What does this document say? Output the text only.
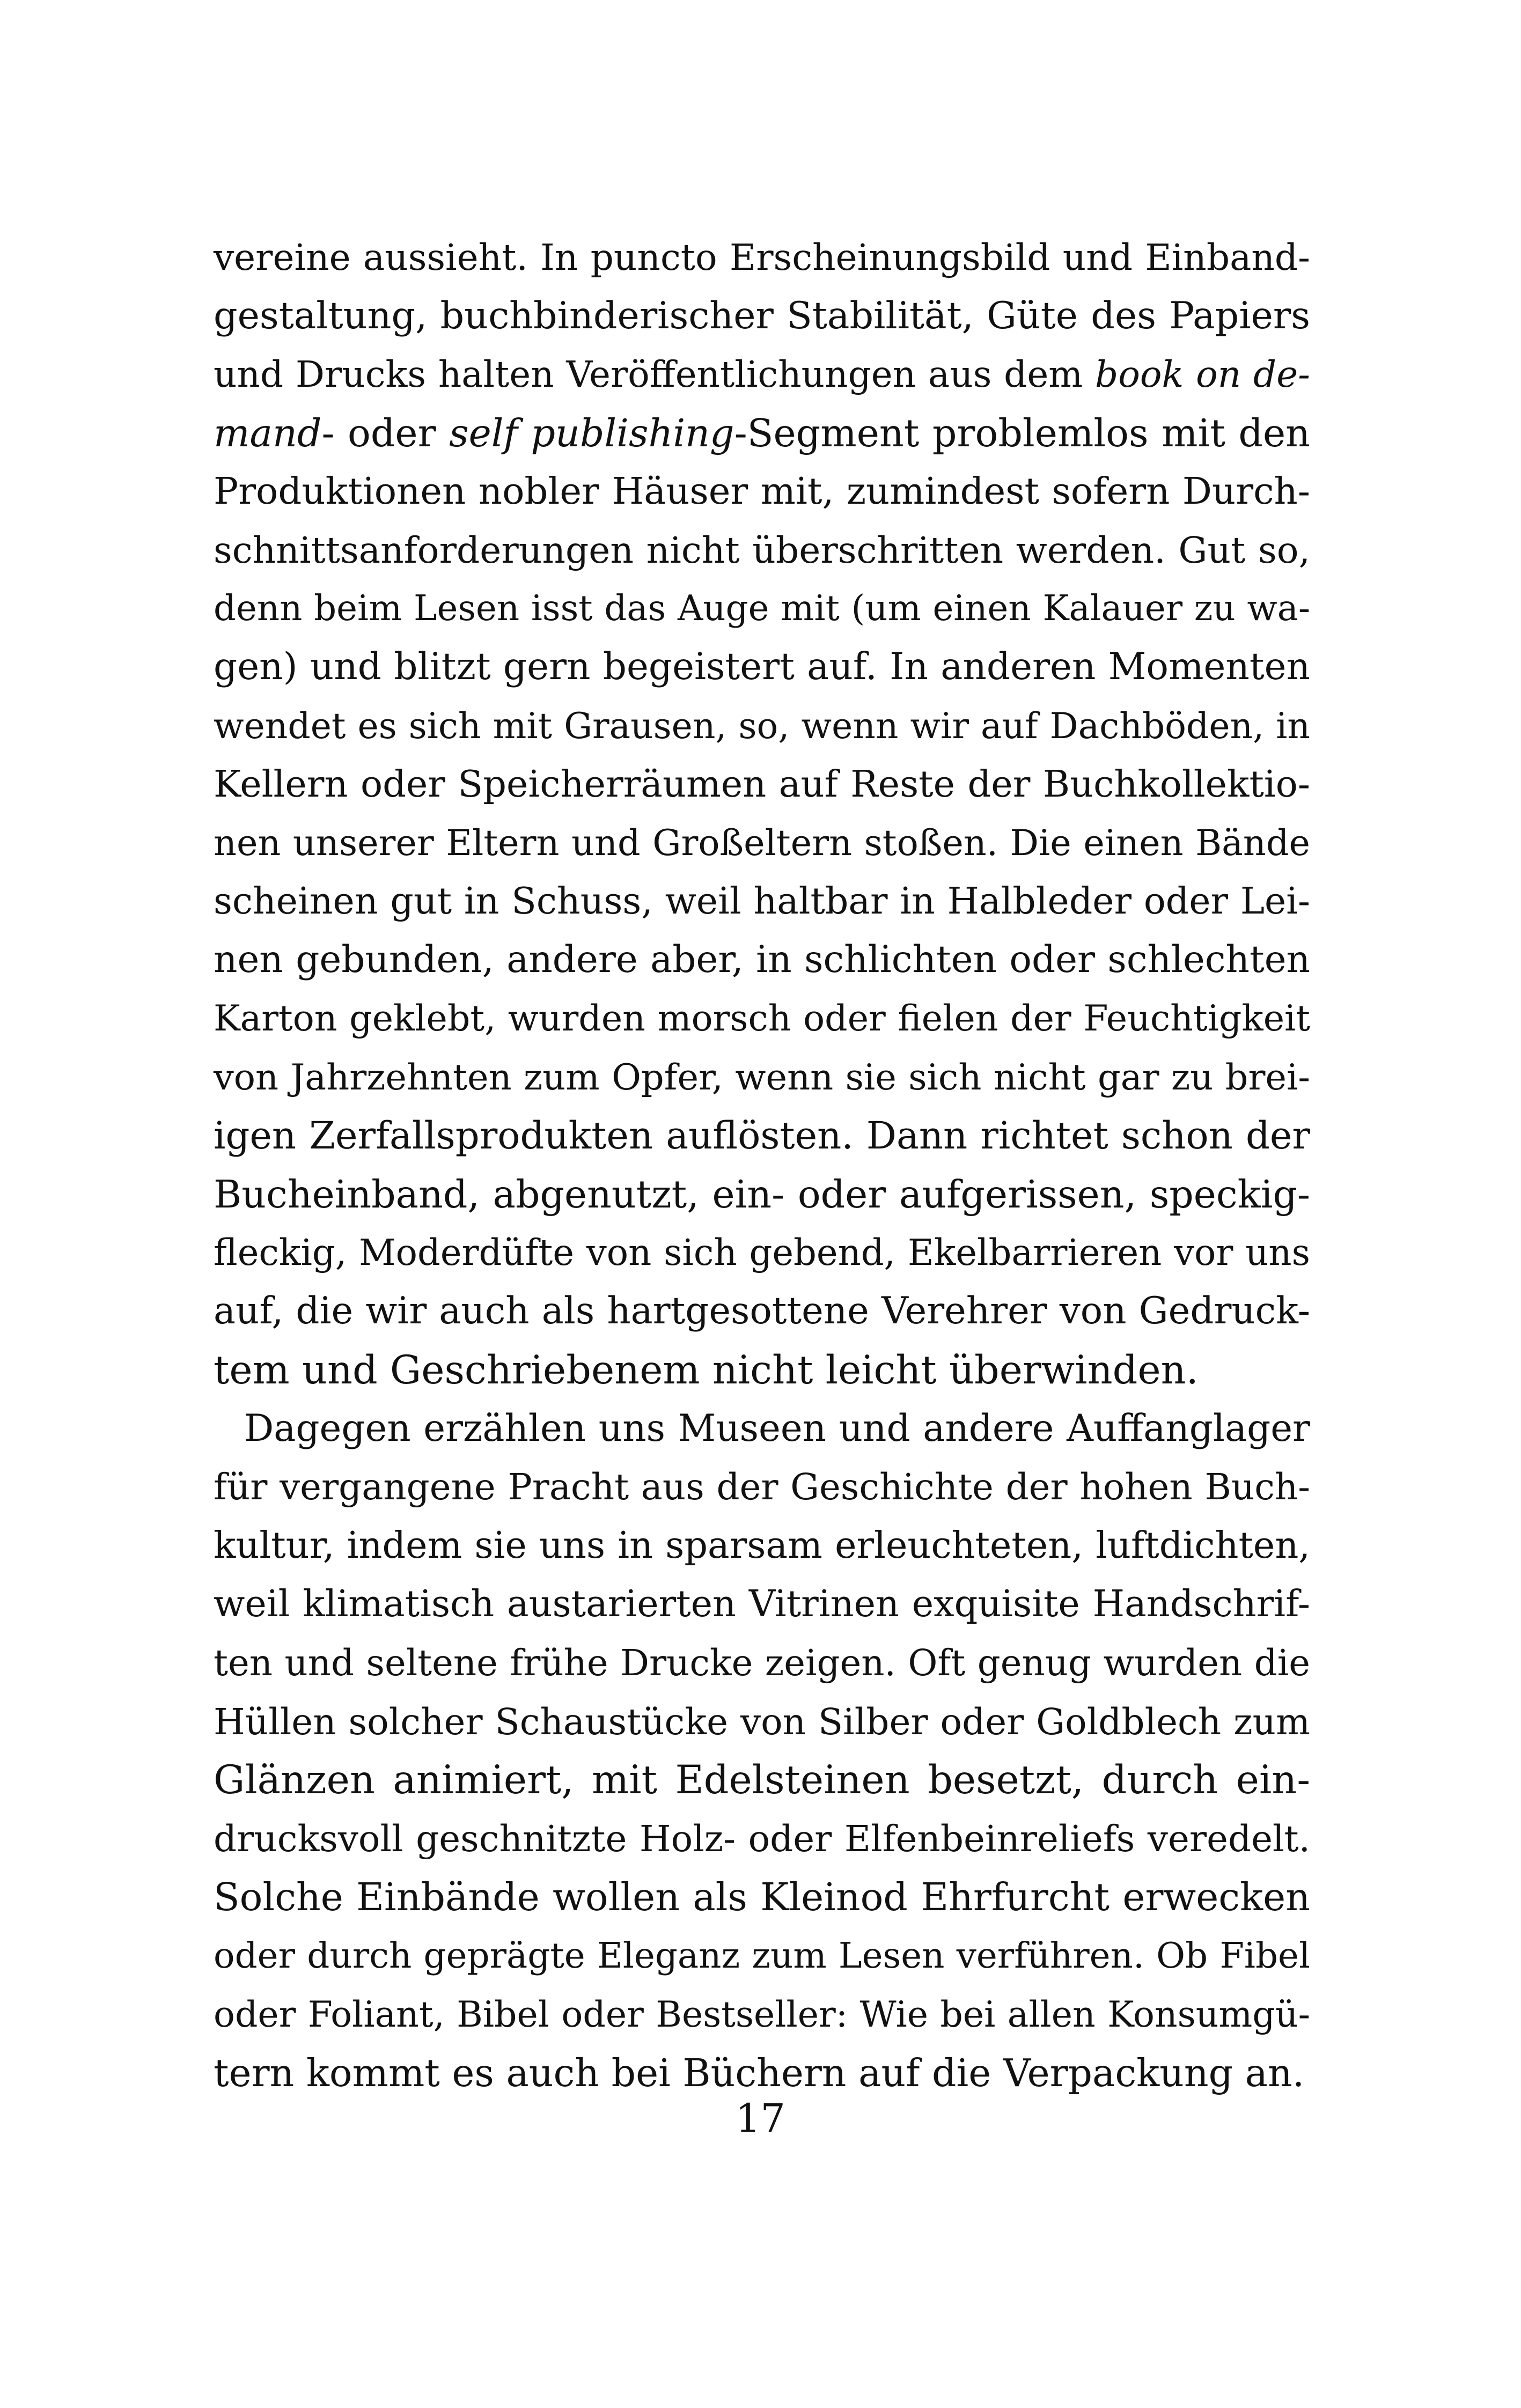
vereine aussieht. In puncto Erscheinungsbild und Einband-
gestaltung, buchbinderischer Stabilität, Güte des Papiers
und Drucks halten Veröffentlichungen aus dem book on de-
mand- oder self publishing-Segment problemlos mit den
Produktionen nobler Häuser mit, zumindest sofern Durch-
schnittsanforderungen nicht überschritten werden. Gut so,
denn beim Lesen isst das Auge mit (um einen Kalauer zu wa-
gen) und blitzt gern begeistert auf. In anderen Momenten
wendet es sich mit Grausen, so, wenn wir auf Dachböden, in
Kellern oder Speicherräumen auf Reste der Buchkollektio-
nen unserer Eltern und Großeltern stoßen. Die einen Bände
scheinen gut in Schuss, weil haltbar in Halbleder oder Lei-
nen gebunden, andere aber, in schlichten oder schlechten
Karton geklebt, wurden morsch oder fielen der Feuchtigkeit
von Jahrzehnten zum Opfer, wenn sie sich nicht gar zu brei-
igen Zerfallsprodukten auflösten. Dann richtet schon der
Bucheinband, abgenutzt, ein- oder aufgerissen, speckig-
fleckig, Moderdüfte von sich gebend, Ekelbarrieren vor uns
auf, die wir auch als hartgesottene Verehrer von Gedruck-
tem und Geschriebenem nicht leicht überwinden.
Dagegen erzählen uns Museen und andere Auffanglager
für vergangene Pracht aus der Geschichte der hohen Buch-
kultur, indem sie uns in sparsam erleuchteten, luftdichten,
weil klimatisch austarierten Vitrinen exquisite Handschrif-
ten und seltene frühe Drucke zeigen. Oft genug wurden die
Hüllen solcher Schaustücke von Silber oder Goldblech zum
Glänzen animiert, mit Edelsteinen besetzt, durch ein-
drucksvoll geschnitzte Holz- oder Elfenbeinreliefs veredelt.
Solche Einbände wollen als Kleinod Ehrfurcht erwecken
oder durch geprägte Eleganz zum Lesen verführen. Ob Fibel
oder Foliant, Bibel oder Bestseller: Wie bei allen Konsumgü-
tern kommt es auch bei Büchern auf die Verpackung an.
17
